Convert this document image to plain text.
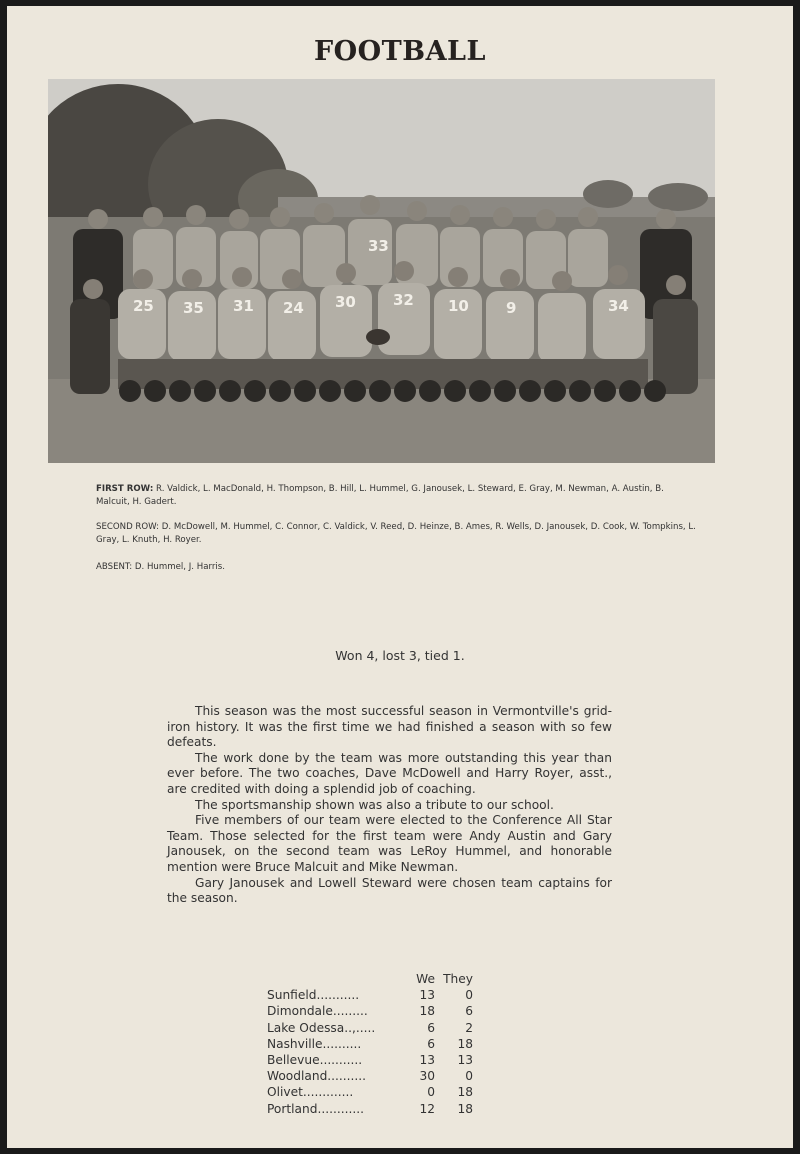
FOOTBALL
33
25 35 31 24 30 32 10 9	34
FIRST ROW: R. Valdick, L. MacDonald, H. Thompson, B. Hill, L. Hummel, G. Janousek, L. Steward, E. Gray, M. Newman, A. Austin, B. Malcuit, H. Gadert.
SECOND ROW: D. McDowell, M. Hummel, C. Connor, C. Valdick, V. Reed, D. Heinze, B. Ames, R. Wells, D. Janousek, D. Cook, W. Tompkins, L. Gray, L. Knuth, H. Royer.
ABSENT: D. Hummel, J. Harris.
Won 4, lost 3, tied 1.

This season was the most successful season in Vermontville's grid-iron history. It was the first time we had finished a season with so few defeats.

The work done by the team was more outstanding this year than ever before. The two coaches, Dave McDowell and Harry Royer, asst., are credited with doing a splendid job of coaching.

The sportsmanship shown was also a tribute to our school.

Five members of our team were elected to the Conference All Star Team. Those selected for the first team were Andy Austin and Gary Janousek, on the second team was LeRoy Hummel, and honorable mention were Bruce Malcuit and Mike Newman.

Gary Janousek and Lowell Steward were chosen team captains for the season.

We They
Sunfield...........	13	0
Dimondale.........	18	6
Lake Odessa..,.....	6	2
Nashville..........	6	18
Bellevue...........	13	13
Woodland..........	30	0
Olivet.............	0	18
Portland............	12	18
